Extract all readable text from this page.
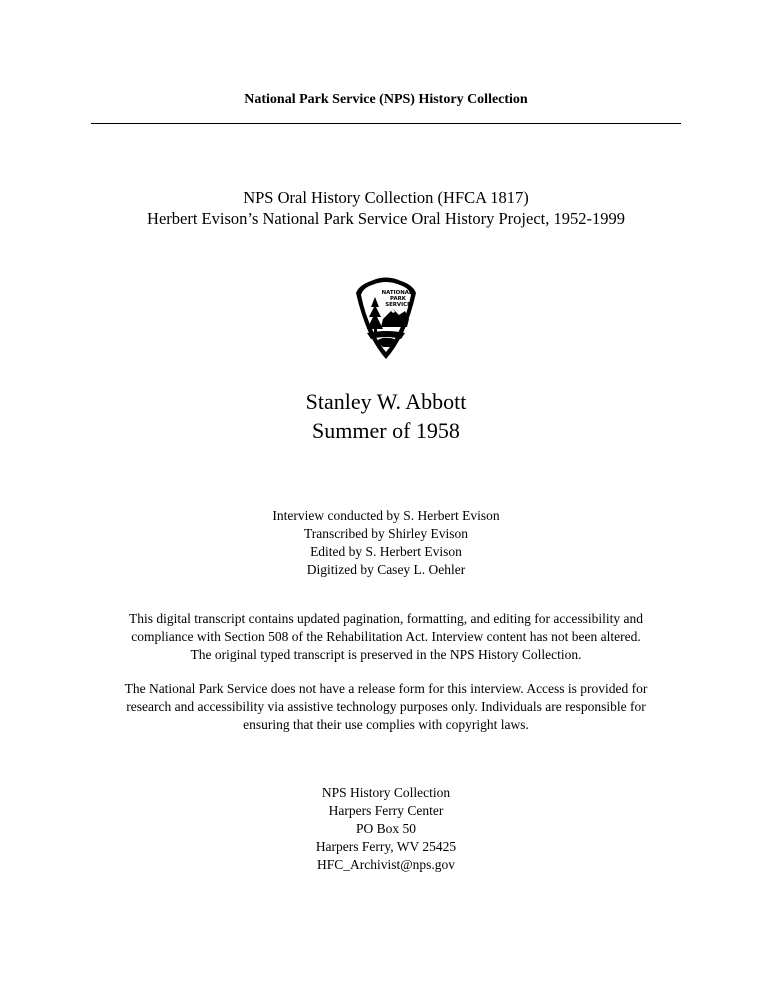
National Park Service (NPS) History Collection
NPS Oral History Collection (HFCA 1817)
Herbert Evison’s National Park Service Oral History Project, 1952-1999
NATIONAL
PARK
SERVICE
Stanley W. Abbott
Summer of 1958
Interview conducted by S. Herbert Evison
Transcribed by Shirley Evison
Edited by S. Herbert Evison
Digitized by Casey L. Oehler
This digital transcript contains updated pagination, formatting, and editing for accessibility and
compliance with Section 508 of the Rehabilitation Act. Interview content has not been altered.
The original typed transcript is preserved in the NPS History Collection.
The National Park Service does not have a release form for this interview. Access is provided for
research and accessibility via assistive technology purposes only. Individuals are responsible for
ensuring that their use complies with copyright laws.
NPS History Collection
Harpers Ferry Center
PO Box 50
Harpers Ferry, WV 25425
HFC_Archivist@nps.gov
